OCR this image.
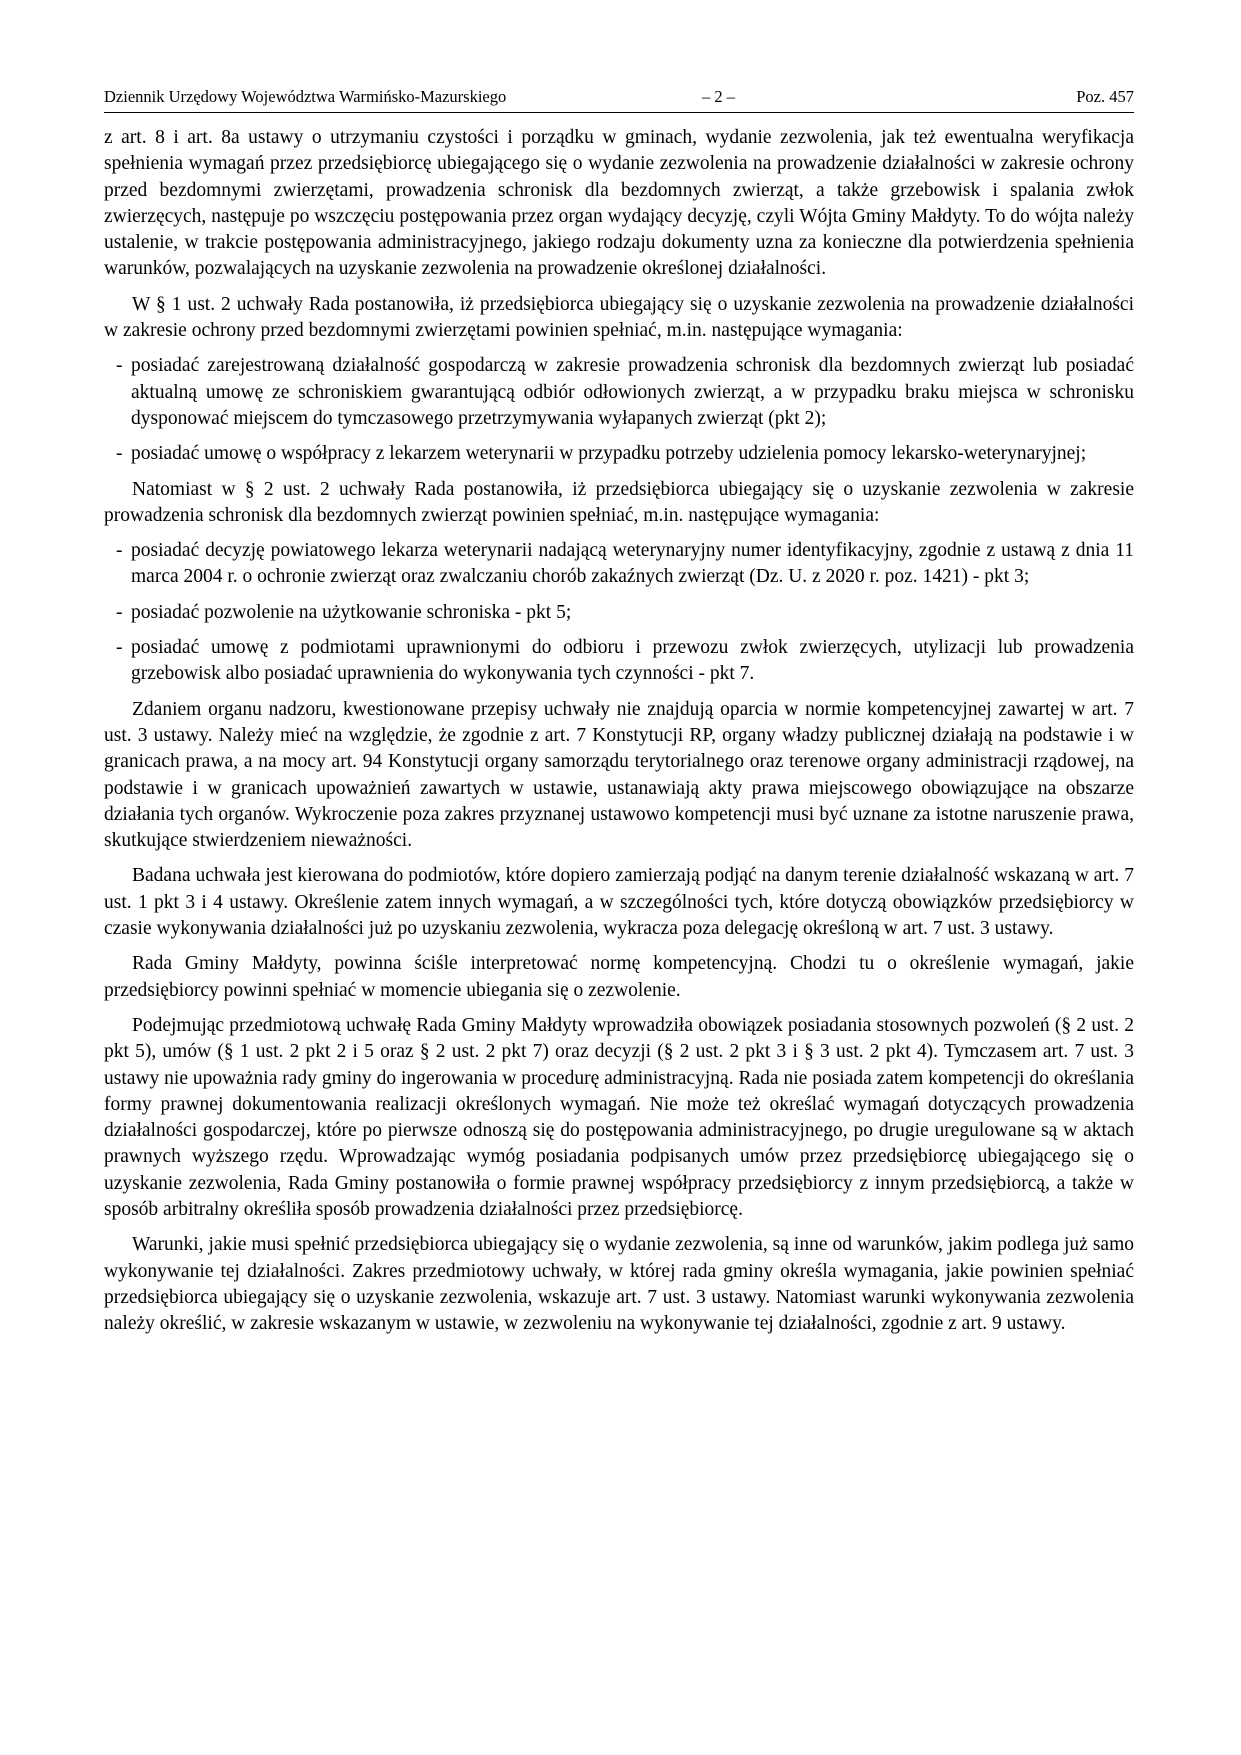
Dziennik Urzędowy Województwa Warmińsko-Mazurskiego	– 2 –	Poz. 457

z art. 8 i art. 8a ustawy o utrzymaniu czystości i porządku w gminach, wydanie zezwolenia, jak też ewentualna weryfikacja spełnienia wymagań przez przedsiębiorcę ubiegającego się o wydanie zezwolenia na prowadzenie działalności w zakresie ochrony przed bezdomnymi zwierzętami, prowadzenia schronisk dla bezdomnych zwierząt, a także grzebowisk i spalania zwłok zwierzęcych, następuje po wszczęciu postępowania przez organ wydający decyzję, czyli Wójta Gminy Małdyty. To do wójta należy ustalenie, w trakcie postępowania administracyjnego, jakiego rodzaju dokumenty uzna za konieczne dla potwierdzenia spełnienia warunków, pozwalających na uzyskanie zezwolenia na prowadzenie określonej działalności.

W § 1 ust. 2 uchwały Rada postanowiła, iż przedsiębiorca ubiegający się o uzyskanie zezwolenia na prowadzenie działalności w zakresie ochrony przed bezdomnymi zwierzętami powinien spełniać, m.in. następujące wymagania:

- posiadać zarejestrowaną działalność gospodarczą w zakresie prowadzenia schronisk dla bezdomnych zwierząt lub posiadać aktualną umowę ze schroniskiem gwarantującą odbiór odłowionych zwierząt, a w przypadku braku miejsca w schronisku dysponować miejscem do tymczasowego przetrzymywania wyłapanych zwierząt (pkt 2);
- posiadać umowę o współpracy z lekarzem weterynarii w przypadku potrzeby udzielenia pomocy lekarsko-weterynaryjnej;

Natomiast w § 2 ust. 2 uchwały Rada postanowiła, iż przedsiębiorca ubiegający się o uzyskanie zezwolenia w zakresie prowadzenia schronisk dla bezdomnych zwierząt powinien spełniać, m.in. następujące wymagania:

- posiadać decyzję powiatowego lekarza weterynarii nadającą weterynaryjny numer identyfikacyjny, zgodnie z ustawą z dnia 11 marca 2004 r. o ochronie zwierząt oraz zwalczaniu chorób zakaźnych zwierząt (Dz. U. z 2020 r. poz. 1421) - pkt 3;
- posiadać pozwolenie na użytkowanie schroniska - pkt 5;
- posiadać umowę z podmiotami uprawnionymi do odbioru i przewozu zwłok zwierzęcych, utylizacji lub prowadzenia grzebowisk albo posiadać uprawnienia do wykonywania tych czynności - pkt 7.

Zdaniem organu nadzoru, kwestionowane przepisy uchwały nie znajdują oparcia w normie kompetencyjnej zawartej w art. 7 ust. 3 ustawy. Należy mieć na względzie, że zgodnie z art. 7 Konstytucji RP, organy władzy publicznej działają na podstawie i w granicach prawa, a na mocy art. 94 Konstytucji organy samorządu terytorialnego oraz terenowe organy administracji rządowej, na podstawie i w granicach upoważnień zawartych w ustawie, ustanawiają akty prawa miejscowego obowiązujące na obszarze działania tych organów. Wykroczenie poza zakres przyznanej ustawowo kompetencji musi być uznane za istotne naruszenie prawa, skutkujące stwierdzeniem nieważności.

Badana uchwała jest kierowana do podmiotów, które dopiero zamierzają podjąć na danym terenie działalność wskazaną w art. 7 ust. 1 pkt 3 i 4 ustawy. Określenie zatem innych wymagań, a w szczególności tych, które dotyczą obowiązków przedsiębiorcy w czasie wykonywania działalności już po uzyskaniu zezwolenia, wykracza poza delegację określoną w art. 7 ust. 3 ustawy.

Rada Gminy Małdyty, powinna ściśle interpretować normę kompetencyjną. Chodzi tu o określenie wymagań, jakie przedsiębiorcy powinni spełniać w momencie ubiegania się o zezwolenie.

Podejmując przedmiotową uchwałę Rada Gminy Małdyty wprowadziła obowiązek posiadania stosownych pozwoleń (§ 2 ust. 2 pkt 5), umów (§ 1 ust. 2 pkt 2 i 5 oraz § 2 ust. 2 pkt 7) oraz decyzji (§ 2 ust. 2 pkt 3 i § 3 ust. 2 pkt 4). Tymczasem art. 7 ust. 3 ustawy nie upoważnia rady gminy do ingerowania w procedurę administracyjną. Rada nie posiada zatem kompetencji do określania formy prawnej dokumentowania realizacji określonych wymagań. Nie może też określać wymagań dotyczących prowadzenia działalności gospodarczej, które po pierwsze odnoszą się do postępowania administracyjnego, po drugie uregulowane są w aktach prawnych wyższego rzędu. Wprowadzając wymóg posiadania podpisanych umów przez przedsiębiorcę ubiegającego się o uzyskanie zezwolenia, Rada Gminy postanowiła o formie prawnej współpracy przedsiębiorcy z innym przedsiębiorcą, a także w sposób arbitralny określiła sposób prowadzenia działalności przez przedsiębiorcę.

Warunki, jakie musi spełnić przedsiębiorca ubiegający się o wydanie zezwolenia, są inne od warunków, jakim podlega już samo wykonywanie tej działalności. Zakres przedmiotowy uchwały, w której rada gminy określa wymagania, jakie powinien spełniać przedsiębiorca ubiegający się o uzyskanie zezwolenia, wskazuje art. 7 ust. 3 ustawy. Natomiast warunki wykonywania zezwolenia należy określić, w zakresie wskazanym w ustawie, w zezwoleniu na wykonywanie tej działalności, zgodnie z art. 9 ustawy.
